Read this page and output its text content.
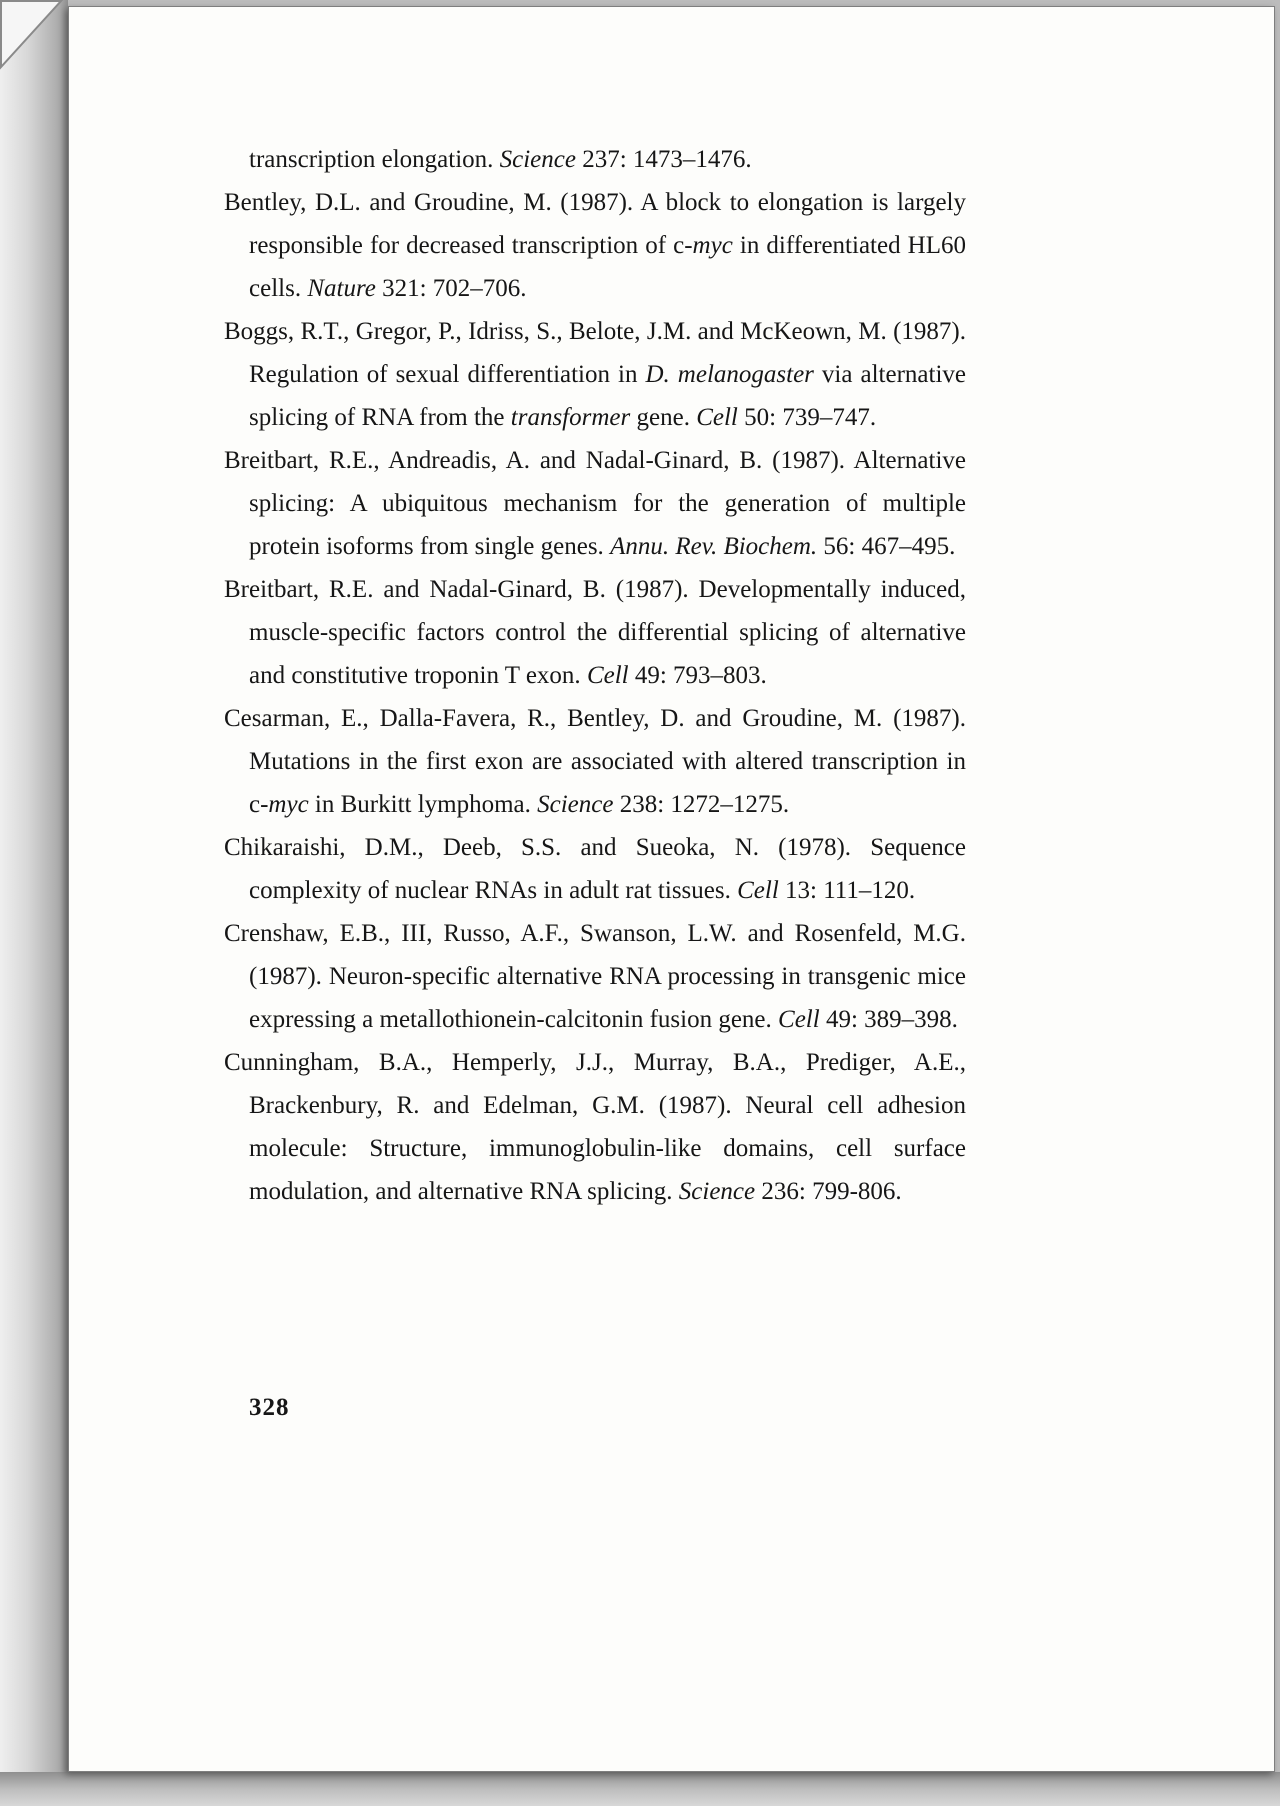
transcription elongation. Science 237: 1473–1476.

Bentley, D.L. and Groudine, M. (1987). A block to elongation is largely responsible for decreased transcription of c-myc in differentiated HL60 cells. Nature 321: 702–706.

Boggs, R.T., Gregor, P., Idriss, S., Belote, J.M. and McKeown, M. (1987). Regulation of sexual differentiation in D. melanogaster via alternative splicing of RNA from the transformer gene. Cell 50: 739–747.

Breitbart, R.E., Andreadis, A. and Nadal-Ginard, B. (1987). Alternative splicing: A ubiquitous mechanism for the generation of multiple protein isoforms from single genes. Annu. Rev. Biochem. 56: 467–495.

Breitbart, R.E. and Nadal-Ginard, B. (1987). Developmentally induced, muscle-specific factors control the differential splicing of alternative and constitutive troponin T exon. Cell 49: 793–803.

Cesarman, E., Dalla-Favera, R., Bentley, D. and Groudine, M. (1987). Mutations in the first exon are associated with altered transcription in c-myc in Burkitt lymphoma. Science 238: 1272–1275.

Chikaraishi, D.M., Deeb, S.S. and Sueoka, N. (1978). Sequence complexity of nuclear RNAs in adult rat tissues. Cell 13: 111–120.

Crenshaw, E.B., III, Russo, A.F., Swanson, L.W. and Rosenfeld, M.G. (1987). Neuron-specific alternative RNA processing in transgenic mice expressing a metallothionein-calcitonin fusion gene. Cell 49: 389–398.

Cunningham, B.A., Hemperly, J.J., Murray, B.A., Prediger, A.E., Brackenbury, R. and Edelman, G.M. (1987). Neural cell adhesion molecule: Structure, immunoglobulin-like domains, cell surface modulation, and alternative RNA splicing. Science 236: 799-806.

328
